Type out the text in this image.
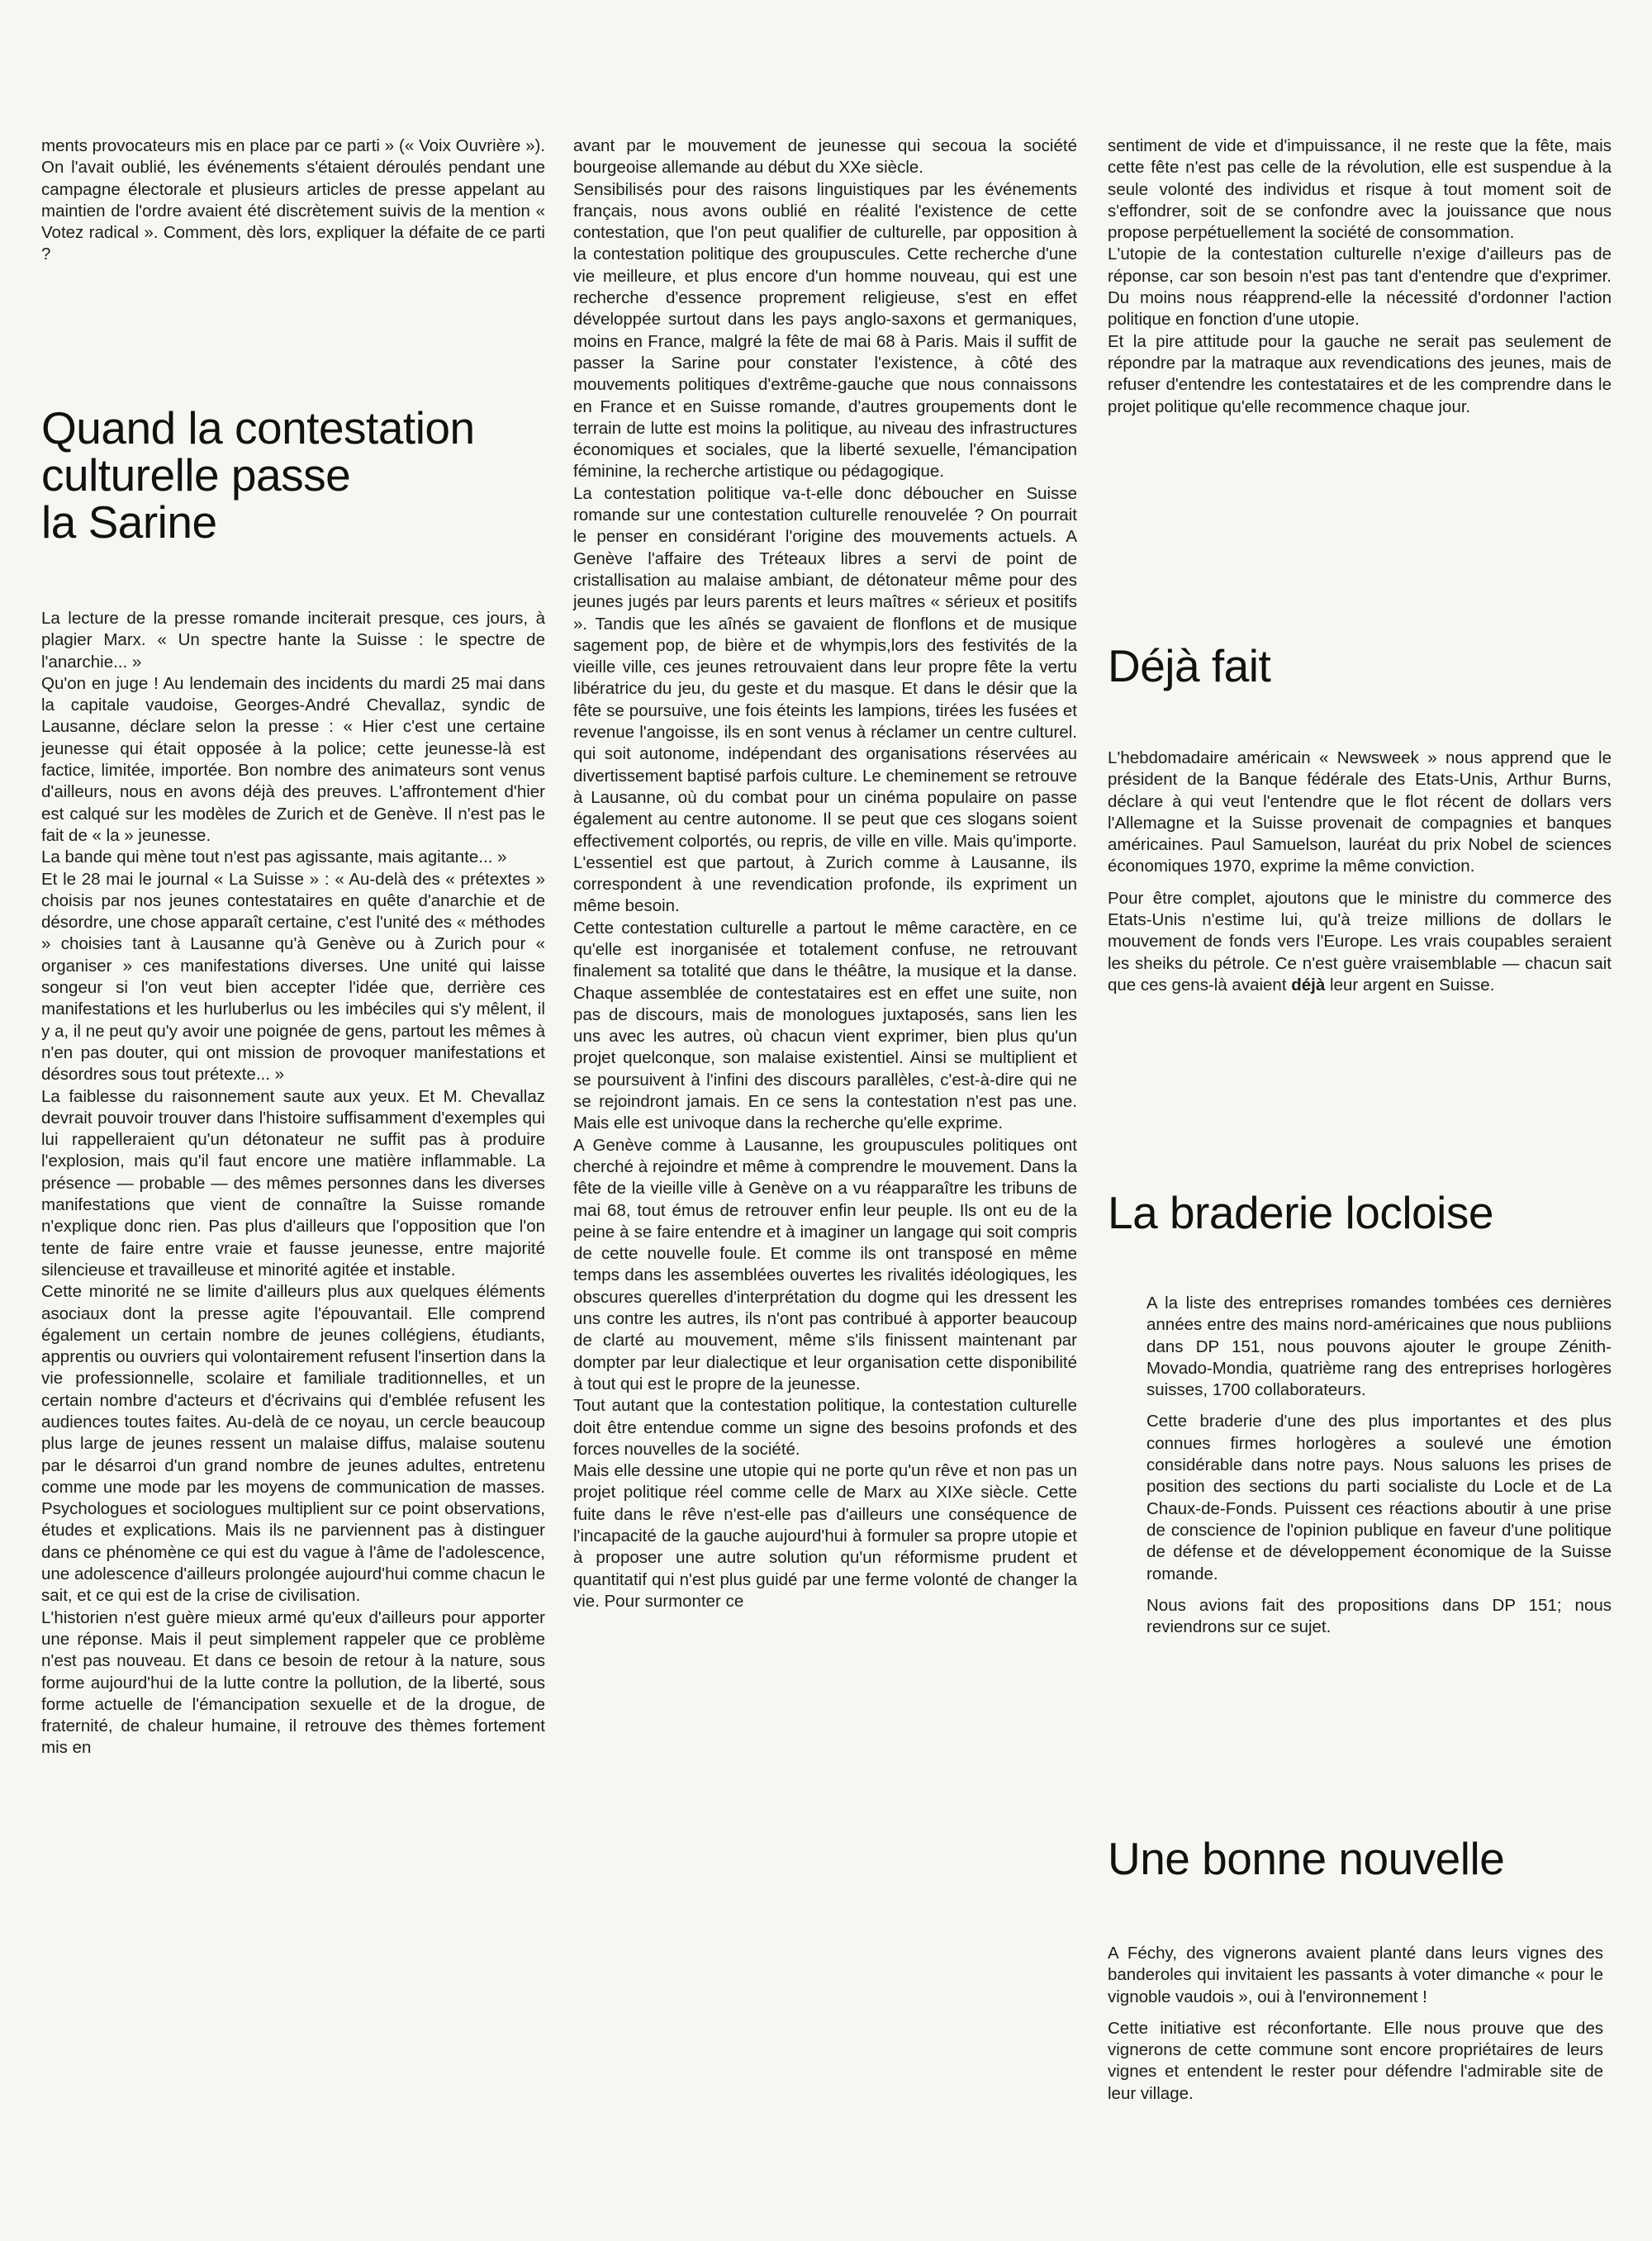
ments provocateurs mis en place par ce parti » (« Voix Ouvrière »). On l'avait oublié, les événements s'étaient déroulés pendant une campagne électorale et plusieurs articles de presse appelant au maintien de l'ordre avaient été discrètement suivis de la mention « Votez radical ». Comment, dès lors, expliquer la défaite de ce parti ?

Quand la contestation
culturelle passe
la Sarine

La lecture de la presse romande inciterait presque, ces jours, à plagier Marx. « Un spectre hante la Suisse : le spectre de l'anarchie... »

Qu'on en juge ! Au lendemain des incidents du mardi 25 mai dans la capitale vaudoise, Georges-André Chevallaz, syndic de Lausanne, déclare selon la presse : « Hier c'est une certaine jeunesse qui était opposée à la police; cette jeunesse-là est factice, limitée, importée. Bon nombre des animateurs sont venus d'ailleurs, nous en avons déjà des preuves. L'affrontement d'hier est calqué sur les modèles de Zurich et de Genève. Il n'est pas le fait de « la » jeunesse.

La bande qui mène tout n'est pas agissante, mais agitante... »

Et le 28 mai le journal « La Suisse » : « Au-delà des « prétextes » choisis par nos jeunes contestataires en quête d'anarchie et de désordre, une chose apparaît certaine, c'est l'unité des « méthodes » choisies tant à Lausanne qu'à Genève ou à Zurich pour « organiser » ces manifestations diverses. Une unité qui laisse songeur si l'on veut bien accepter l'idée que, derrière ces manifestations et les hurluberlus ou les imbéciles qui s'y mêlent, il y a, il ne peut qu'y avoir une poignée de gens, partout les mêmes à n'en pas douter, qui ont mission de provoquer manifestations et désordres sous tout prétexte... »

La faiblesse du raisonnement saute aux yeux. Et M. Chevallaz devrait pouvoir trouver dans l'histoire suffisamment d'exemples qui lui rappelleraient qu'un détonateur ne suffit pas à produire l'explosion, mais qu'il faut encore une matière inflammable. La présence — probable — des mêmes personnes dans les diverses manifestations que vient de connaître la Suisse romande n'explique donc rien. Pas plus d'ailleurs que l'opposition que l'on tente de faire entre vraie et fausse jeunesse, entre majorité silencieuse et travailleuse et minorité agitée et instable.

Cette minorité ne se limite d'ailleurs plus aux quelques éléments asociaux dont la presse agite l'épouvantail. Elle comprend également un certain nombre de jeunes collégiens, étudiants, apprentis ou ouvriers qui volontairement refusent l'insertion dans la vie professionnelle, scolaire et familiale traditionnelles, et un certain nombre d'acteurs et d'écrivains qui d'emblée refusent les audiences toutes faites. Au-delà de ce noyau, un cercle beaucoup plus large de jeunes ressent un malaise diffus, malaise soutenu par le désarroi d'un grand nombre de jeunes adultes, entretenu comme une mode par les moyens de communication de masses. Psychologues et sociologues multiplient sur ce point observations, études et explications. Mais ils ne parviennent pas à distinguer dans ce phénomène ce qui est du vague à l'âme de l'adolescence, une adolescence d'ailleurs prolongée aujourd'hui comme chacun le sait, et ce qui est de la crise de civilisation.

L'historien n'est guère mieux armé qu'eux d'ailleurs pour apporter une réponse. Mais il peut simplement rappeler que ce problème n'est pas nouveau. Et dans ce besoin de retour à la nature, sous forme aujourd'hui de la lutte contre la pollution, de la liberté, sous forme actuelle de l'émancipation sexuelle et de la drogue, de fraternité, de chaleur humaine, il retrouve des thèmes fortement mis en

avant par le mouvement de jeunesse qui secoua la société bourgeoise allemande au début du XXe siècle.

Sensibilisés pour des raisons linguistiques par les événements français, nous avons oublié en réalité l'existence de cette contestation, que l'on peut qualifier de culturelle, par opposition à la contestation politique des groupuscules. Cette recherche d'une vie meilleure, et plus encore d'un homme nouveau, qui est une recherche d'essence proprement religieuse, s'est en effet développée surtout dans les pays anglo-saxons et germaniques, moins en France, malgré la fête de mai 68 à Paris. Mais il suffit de passer la Sarine pour constater l'existence, à côté des mouvements politiques d'extrême-gauche que nous connaissons en France et en Suisse romande, d'autres groupements dont le terrain de lutte est moins la politique, au niveau des infrastructures économiques et sociales, que la liberté sexuelle, l'émancipation féminine, la recherche artistique ou pédagogique.

La contestation politique va-t-elle donc déboucher en Suisse romande sur une contestation culturelle renouvelée ? On pourrait le penser en considérant l'origine des mouvements actuels. A Genève l'affaire des Tréteaux libres a servi de point de cristallisation au malaise ambiant, de détonateur même pour des jeunes jugés par leurs parents et leurs maîtres « sérieux et positifs ». Tandis que les aînés se gavaient de flonflons et de musique sagement pop, de bière et de whympis,lors des festivités de la vieille ville, ces jeunes retrouvaient dans leur propre fête la vertu libératrice du jeu, du geste et du masque. Et dans le désir que la fête se poursuive, une fois éteints les lampions, tirées les fusées et revenue l'angoisse, ils en sont venus à réclamer un centre culturel. qui soit autonome, indépendant des organisations réservées au divertissement baptisé parfois culture. Le cheminement se retrouve à Lausanne, où du combat pour un cinéma populaire on passe également au centre autonome. Il se peut que ces slogans soient effectivement colportés, ou repris, de ville en ville. Mais qu'importe. L'essentiel est que partout, à Zurich comme à Lausanne, ils correspondent à une revendication profonde, ils expriment un même besoin.

Cette contestation culturelle a partout le même caractère, en ce qu'elle est inorganisée et totalement confuse, ne retrouvant finalement sa totalité que dans le théâtre, la musique et la danse. Chaque assemblée de contestataires est en effet une suite, non pas de discours, mais de monologues juxtaposés, sans lien les uns avec les autres, où chacun vient exprimer, bien plus qu'un projet quelconque, son malaise existentiel. Ainsi se multiplient et se poursuivent à l'infini des discours parallèles, c'est-à-dire qui ne se rejoindront jamais. En ce sens la contestation n'est pas une. Mais elle est univoque dans la recherche qu'elle exprime.

A Genève comme à Lausanne, les groupuscules politiques ont cherché à rejoindre et même à comprendre le mouvement. Dans la fête de la vieille ville à Genève on a vu réapparaître les tribuns de mai 68, tout émus de retrouver enfin leur peuple. Ils ont eu de la peine à se faire entendre et à imaginer un langage qui soit compris de cette nouvelle foule. Et comme ils ont transposé en même temps dans les assemblées ouvertes les rivalités idéologiques, les obscures querelles d'interprétation du dogme qui les dressent les uns contre les autres, ils n'ont pas contribué à apporter beaucoup de clarté au mouvement, même s'ils finissent maintenant par dompter par leur dialectique et leur organisation cette disponibilité à tout qui est le propre de la jeunesse.

Tout autant que la contestation politique, la contestation culturelle doit être entendue comme un signe des besoins profonds et des forces nouvelles de la société.

Mais elle dessine une utopie qui ne porte qu'un rêve et non pas un projet politique réel comme celle de Marx au XIXe siècle. Cette fuite dans le rêve n'est-elle pas d'ailleurs une conséquence de l'incapacité de la gauche aujourd'hui à formuler sa propre utopie et à proposer une autre solution qu'un réformisme prudent et quantitatif qui n'est plus guidé par une ferme volonté de changer la vie. Pour surmonter ce

sentiment de vide et d'impuissance, il ne reste que la fête, mais cette fête n'est pas celle de la révolution, elle est suspendue à la seule volonté des individus et risque à tout moment soit de s'effondrer, soit de se confondre avec la jouissance que nous propose perpétuellement la société de consommation.

L'utopie de la contestation culturelle n'exige d'ailleurs pas de réponse, car son besoin n'est pas tant d'entendre que d'exprimer. Du moins nous réapprend-elle la nécessité d'ordonner l'action politique en fonction d'une utopie.

Et la pire attitude pour la gauche ne serait pas seulement de répondre par la matraque aux revendications des jeunes, mais de refuser d'entendre les contestataires et de les comprendre dans le projet politique qu'elle recommence chaque jour.

Déjà fait

L'hebdomadaire américain « Newsweek » nous apprend que le président de la Banque fédérale des Etats-Unis, Arthur Burns, déclare à qui veut l'entendre que le flot récent de dollars vers l'Allemagne et la Suisse provenait de compagnies et banques américaines. Paul Samuelson, lauréat du prix Nobel de sciences économiques 1970, exprime la même conviction.

Pour être complet, ajoutons que le ministre du commerce des Etats-Unis n'estime lui, qu'à treize millions de dollars le mouvement de fonds vers l'Europe. Les vrais coupables seraient les sheiks du pétrole. Ce n'est guère vraisemblable — chacun sait que ces gens-là avaient déjà leur argent en Suisse.

La braderie locloise

A la liste des entreprises romandes tombées ces dernières années entre des mains nord-américaines que nous publiions dans DP 151, nous pouvons ajouter le groupe Zénith-Movado-Mondia, quatrième rang des entreprises horlogères suisses, 1700 collaborateurs.

Cette braderie d'une des plus importantes et des plus connues firmes horlogères a soulevé une émotion considérable dans notre pays. Nous saluons les prises de position des sections du parti socialiste du Locle et de La Chaux-de-Fonds. Puissent ces réactions aboutir à une prise de conscience de l'opinion publique en faveur d'une politique de défense et de développement économique de la Suisse romande.

Nous avions fait des propositions dans DP 151; nous reviendrons sur ce sujet.

Une bonne nouvelle

A Féchy, des vignerons avaient planté dans leurs vignes des banderoles qui invitaient les passants à voter dimanche « pour le vignoble vaudois », oui à l'environnement !

Cette initiative est réconfortante. Elle nous prouve que des vignerons de cette commune sont encore propriétaires de leurs vignes et entendent le rester pour défendre l'admirable site de leur village.
